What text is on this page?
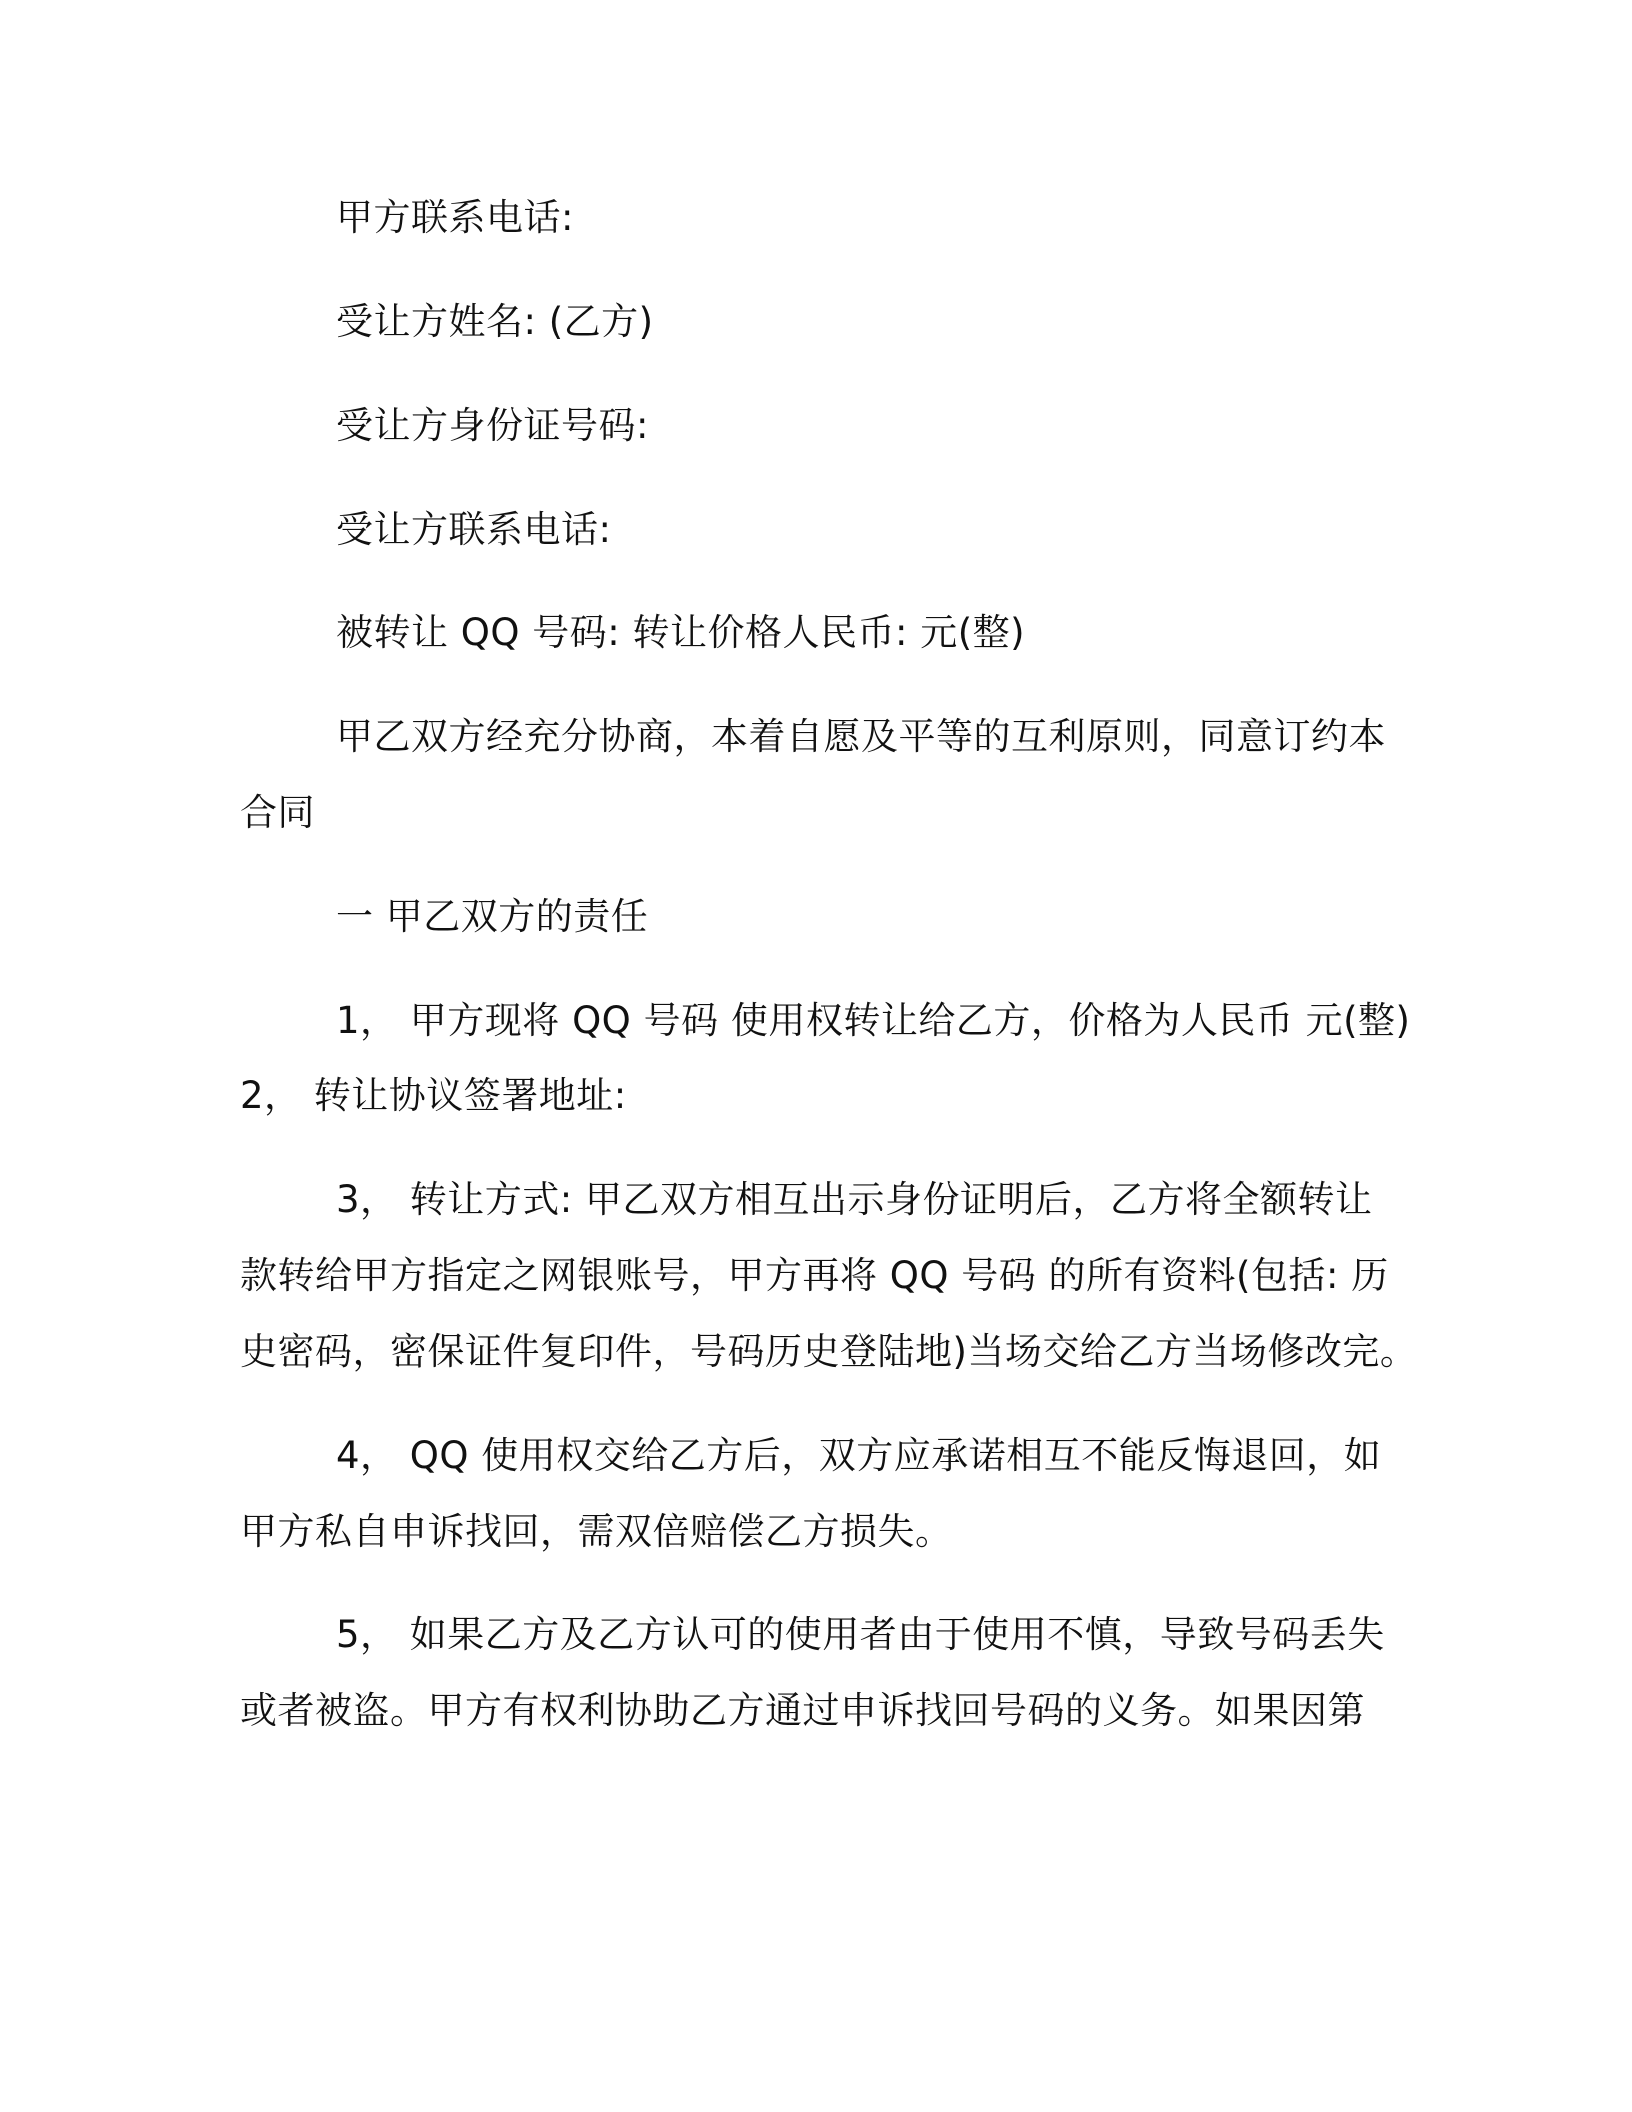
甲方联系电话:
受让方姓名: (乙方)
受让方身份证号码:
受让方联系电话:
被转让 QQ 号码: 转让价格人民币: 元(整)
甲乙双方经充分协商，本着自愿及平等的互利原则，同意订约本
合同
一 甲乙双方的责任
1， 甲方现将 QQ 号码 使用权转让给乙方，价格为人民币 元(整)
2， 转让协议签署地址:
3， 转让方式: 甲乙双方相互出示身份证明后，乙方将全额转让
款转给甲方指定之网银账号，甲方再将 QQ 号码 的所有资料(包括: 历
史密码，密保证件复印件，号码历史登陆地)当场交给乙方当场修改完。
4， QQ 使用权交给乙方后，双方应承诺相互不能反悔退回，如
甲方私自申诉找回，需双倍赔偿乙方损失。
5， 如果乙方及乙方认可的使用者由于使用不慎，导致号码丢失
或者被盗。甲方有权利协助乙方通过申诉找回号码的义务。如果因第
